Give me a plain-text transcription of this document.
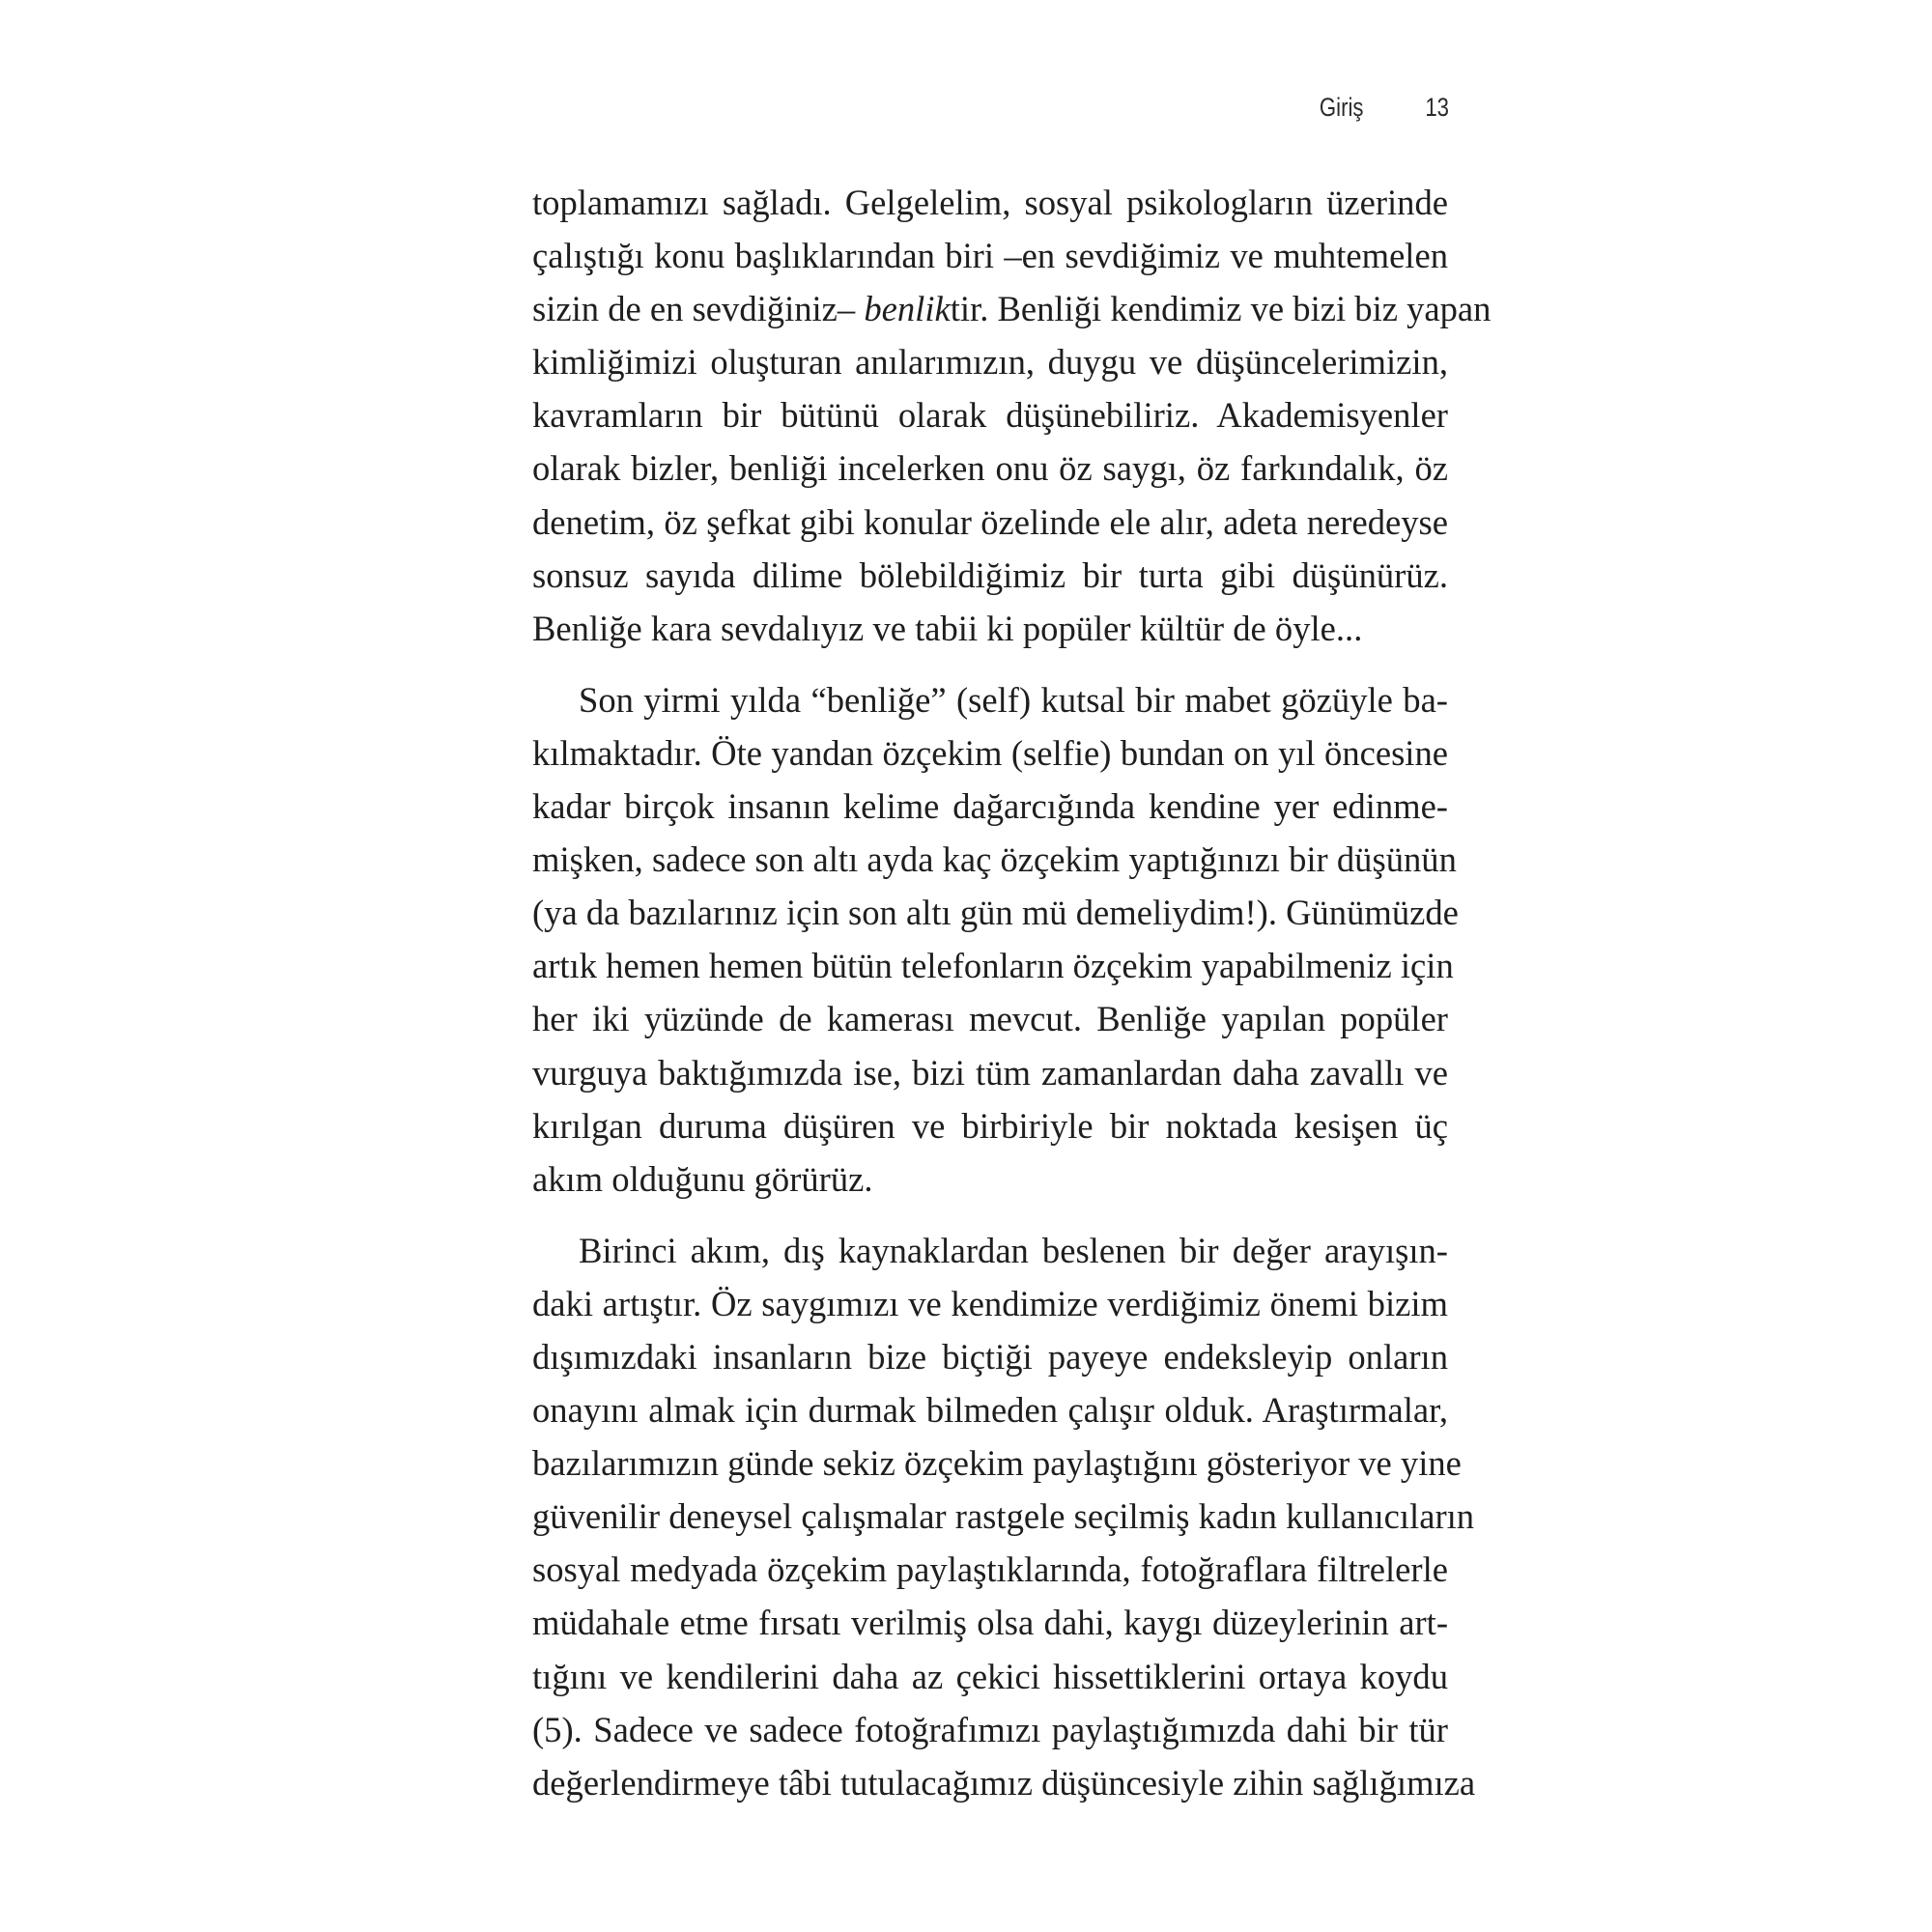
Giriş 13

toplamamızı sağladı. Gelgelelim, sosyal psikologların üzerinde
çalıştığı konu başlıklarından biri –en sevdiğimiz ve muhtemelen
sizin de en sevdiğiniz– benliktir. Benliği kendimiz ve bizi biz yapan
kimliğimizi oluşturan anılarımızın, duygu ve düşüncelerimizin,
kavramların bir bütünü olarak düşünebiliriz. Akademisyenler
olarak bizler, benliği incelerken onu öz saygı, öz farkındalık, öz
denetim, öz şefkat gibi konular özelinde ele alır, adeta neredeyse
sonsuz sayıda dilime bölebildiğimiz bir turta gibi düşünürüz.
Benliğe kara sevdalıyız ve tabii ki popüler kültür de öyle...

Son yirmi yılda “benliğe” (self) kutsal bir mabet gözüyle ba-
kılmaktadır. Öte yandan özçekim (selfie) bundan on yıl öncesine
kadar birçok insanın kelime dağarcığında kendine yer edinme-
mişken, sadece son altı ayda kaç özçekim yaptığınızı bir düşünün
(ya da bazılarınız için son altı gün mü demeliydim!). Günümüzde
artık hemen hemen bütün telefonların özçekim yapabilmeniz için
her iki yüzünde de kamerası mevcut. Benliğe yapılan popüler
vurguya baktığımızda ise, bizi tüm zamanlardan daha zavallı ve
kırılgan duruma düşüren ve birbiriyle bir noktada kesişen üç
akım olduğunu görürüz.

Birinci akım, dış kaynaklardan beslenen bir değer arayışın-
daki artıştır. Öz saygımızı ve kendimize verdiğimiz önemi bizim
dışımızdaki insanların bize biçtiği payeye endeksleyip onların
onayını almak için durmak bilmeden çalışır olduk. Araştırmalar,
bazılarımızın günde sekiz özçekim paylaştığını gösteriyor ve yine
güvenilir deneysel çalışmalar rastgele seçilmiş kadın kullanıcıların
sosyal medyada özçekim paylaştıklarında, fotoğraflara filtrelerle
müdahale etme fırsatı verilmiş olsa dahi, kaygı düzeylerinin art-
tığını ve kendilerini daha az çekici hissettiklerini ortaya koydu
(5). Sadece ve sadece fotoğrafımızı paylaştığımızda dahi bir tür
değerlendirmeye tâbi tutulacağımız düşüncesiyle zihin sağlığımıza
